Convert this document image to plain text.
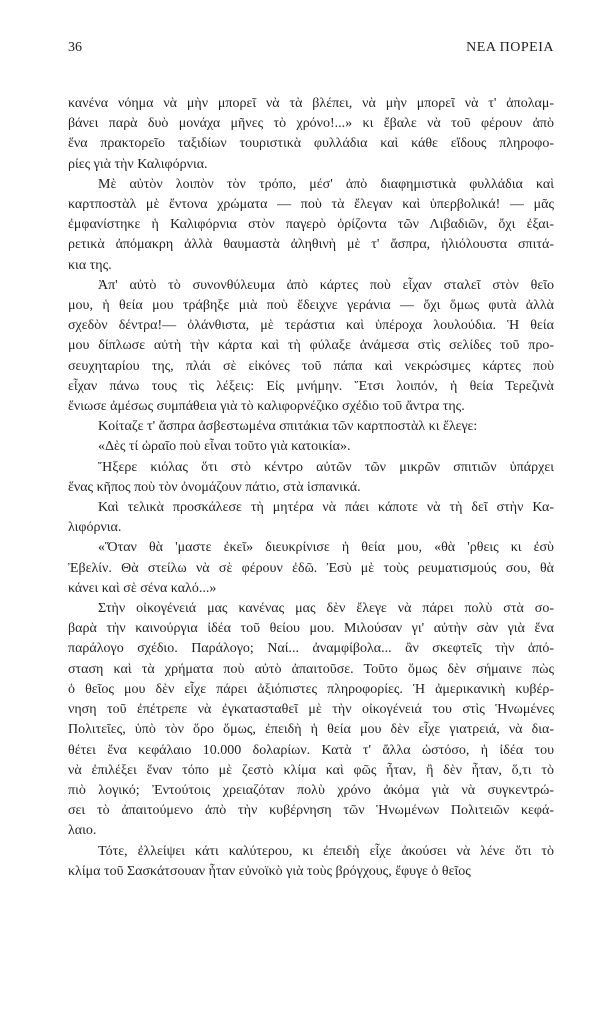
36	ΝΕΑ ΠΟΡΕΙΑ

κανένα νόημα νὰ μὴν μπορεῖ νὰ τὰ βλέπει, νὰ μὴν μπορεῖ νὰ τ' ἀπολαμ-
βάνει παρὰ δυὸ μονάχα μῆνες τὸ χρόνο!...» κι ἔβαλε νὰ τοῦ φέρουν ἀπὸ
ἕνα πρακτορεῖο ταξιδίων τουριστικὰ φυλλάδια καὶ κάθε εἴδους πληροφο-
ρίες γιὰ τὴν Καλιφόρνια.

Μὲ αὐτὸν λοιπὸν τὸν τρόπο, μέσ' ἀπὸ διαφημιστικὰ φυλλάδια καὶ
καρτποστὰλ μὲ ἔντονα χρώματα — ποὺ τὰ ἔλεγαν καὶ ὑπερβολικά! — μᾶς
ἐμφανίστηκε ἡ Καλιφόρνια στὸν παγερὸ ὁρίζοντα τῶν Λιβαδιῶν, ὄχι ἐξαι-
ρετικὰ ἀπόμακρη ἀλλὰ θαυμαστὰ ἀληθινὴ μὲ τ' ἄσπρα, ἡλιόλουστα σπιτά-
κια της.

Ἀπ' αὐτὸ τὸ συνονθύλευμα ἀπὸ κάρτες ποὺ εἶχαν σταλεῖ στὸν θεῖο
μου, ἡ θεία μου τράβηξε μιὰ ποὺ ἔδειχνε γεράνια — ὄχι ὅμως φυτὰ ἀλλὰ
σχεδὸν δέντρα!— ὀλάνθιστα, μὲ τεράστια καὶ ὑπέροχα λουλούδια. Ἡ θεία
μου δίπλωσε αὐτὴ τὴν κάρτα καὶ τὴ φύλαξε ἀνάμεσα στὶς σελίδες τοῦ προ-
σευχηταρίου της, πλάι σὲ εἰκόνες τοῦ πάπα καὶ νεκρώσιμες κάρτες ποὺ
εἶχαν πάνω τους τὶς λέξεις: Εἰς μνήμην. Ἔτσι λοιπόν, ἡ θεία Τερεζινὰ
ἔνιωσε ἀμέσως συμπάθεια γιὰ τὸ καλιφορνέζικο σχέδιο τοῦ ἄντρα της.

Κοίταζε τ' ἄσπρα ἀσβεστωμένα σπιτάκια τῶν καρτποστὰλ κι ἔλεγε:

«Δὲς τί ὡραῖο ποὺ εἶναι τοῦτο γιὰ κατοικία».

Ἤξερε κιόλας ὅτι στὸ κέντρο αὐτῶν τῶν μικρῶν σπιτιῶν ὑπάρχει
ἕνας κῆπος ποὺ τὸν ὀνομάζουν πάτιο, στὰ ἱσπανικά.

Καὶ τελικὰ προσκάλεσε τὴ μητέρα νὰ πάει κάποτε νὰ τὴ δεῖ στὴν Κα-
λιφόρνια.

«Ὅταν θὰ 'μαστε ἐκεῖ» διευκρίνισε ἡ θεία μου, «θὰ 'ρθεις κι ἐσὺ
Ἐβελίν. Θὰ στείλω νὰ σὲ φέρουν ἐδῶ. Ἐσὺ μὲ τοὺς ρευματισμούς σου, θὰ
κάνει καὶ σὲ σένα καλό...»

Στὴν οἰκογένειά μας κανένας μας δὲν ἔλεγε νὰ πάρει πολὺ στὰ σο-
βαρὰ τὴν καινούργια ἰδέα τοῦ θείου μου. Μιλούσαν γι' αὐτὴν σὰν γιὰ ἕνα
παράλογο σχέδιο. Παράλογο; Ναί... ἀναμφίβολα... ἂν σκεφτεῖς τὴν ἀπό-
σταση καὶ τὰ χρήματα ποὺ αὐτὸ ἀπαιτοῦσε. Τοῦτο ὅμως δὲν σήμαινε πὼς
ὁ θεῖος μου δὲν εἶχε πάρει ἀξιόπιστες πληροφορίες. Ἡ ἀμερικανικὴ κυβέρ-
νηση τοῦ ἐπέτρεπε νὰ ἐγκατασταθεῖ μὲ τὴν οἰκογένειά του στὶς Ἡνωμένες
Πολιτεῖες, ὑπὸ τὸν ὅρο ὅμως, ἐπειδὴ ἡ θεία μου δὲν εἶχε γιατρειά, νὰ δια-
θέτει ἕνα κεφάλαιο 10.000 δολαρίων. Κατὰ τ' ἄλλα ὡστόσο, ἡ ἰδέα του
νὰ ἐπιλέξει ἕναν τόπο μὲ ζεστὸ κλίμα καὶ φῶς ἦταν, ἢ δὲν ἦταν, ὅ,τι τὸ
πιὸ λογικό; Ἐντούτοις χρειαζόταν πολὺ χρόνο ἀκόμα γιὰ νὰ συγκεντρώ-
σει τὸ ἀπαιτούμενο ἀπὸ τὴν κυβέρνηση τῶν Ἡνωμένων Πολιτειῶν κεφά-
λαιο.

Τότε, ἐλλείψει κάτι καλύτερου, κι ἐπειδὴ εἶχε ἀκούσει νὰ λένε ὅτι τὸ
κλίμα τοῦ Σασκάτσουαν ἦταν εὐνοϊκὸ γιὰ τοὺς βρόγχους, ἔφυγε ὁ θεῖος
